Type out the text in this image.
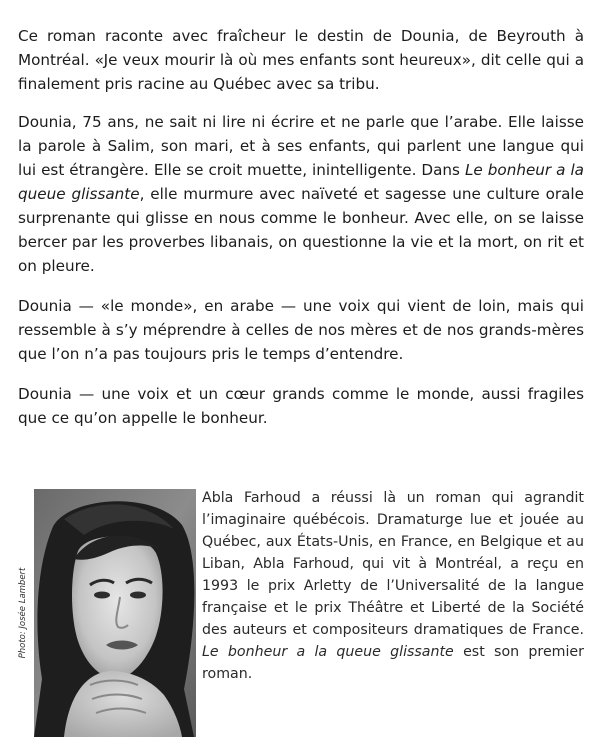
Ce roman raconte avec fraîcheur le destin de Dounia, de Beyrouth à Montréal. «Je veux mourir là où mes enfants sont heureux», dit celle qui a finalement pris racine au Québec avec sa tribu.

Dounia, 75 ans, ne sait ni lire ni écrire et ne parle que l’arabe. Elle laisse la parole à Salim, son mari, et à ses enfants, qui parlent une langue qui lui est étrangère. Elle se croit muette, inintelligente. Dans Le bonheur a la queue glissante, elle murmure avec naïveté et sagesse une culture orale surprenante qui glisse en nous comme le bonheur. Avec elle, on se laisse bercer par les proverbes libanais, on questionne la vie et la mort, on rit et on pleure.

Dounia — «le monde», en arabe — une voix qui vient de loin, mais qui ressemble à s’y méprendre à celles de nos mères et de nos grands-mères que l’on n’a pas toujours pris le temps d’entendre.

Dounia — une voix et un cœur grands comme le monde, aussi fragiles que ce qu’on appelle le bonheur.

Photo: Josée Lambert

Abla Farhoud a réussi là un roman qui agrandit l’imaginaire québécois. Dramaturge lue et jouée au Québec, aux États-Unis, en France, en Belgique et au Liban, Abla Farhoud, qui vit à Montréal, a reçu en 1993 le prix Arletty de l’Universalité de la langue française et le prix Théâtre et Liberté de la Société des auteurs et compositeurs dramatiques de France. Le bonheur a la queue glissante est son premier roman.
